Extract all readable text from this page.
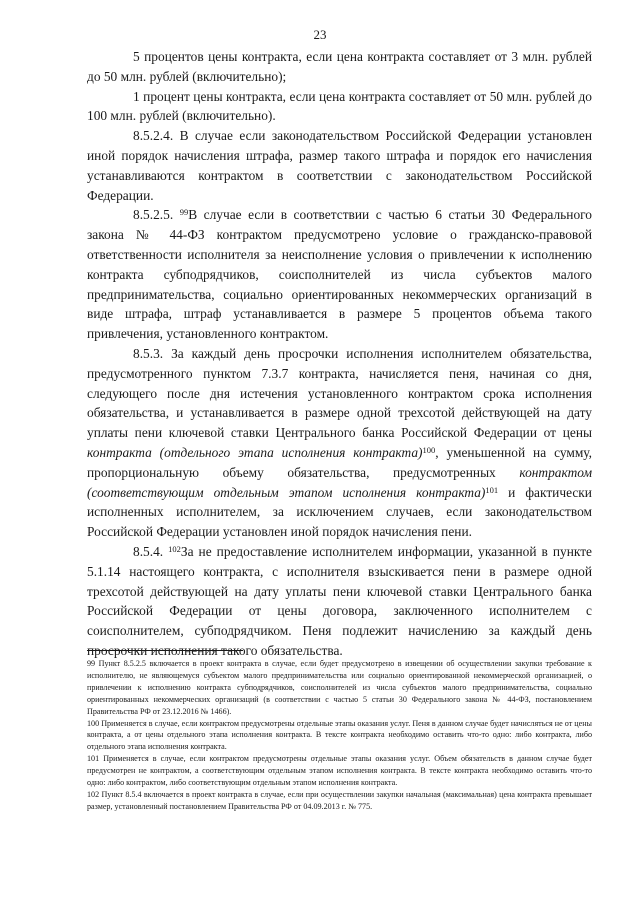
23

5 процентов цены контракта, если цена контракта составляет от 3 млн. рублей до 50 млн. рублей (включительно);

1 процент цены контракта, если цена контракта составляет от 50 млн. рублей до 100 млн. рублей (включительно).

8.5.2.4. В случае если законодательством Российской Федерации установлен иной порядок начисления штрафа, размер такого штрафа и порядок его начисления устанавливаются контрактом в соответствии с законодательством Российской Федерации.

8.5.2.5. $^{99}$В случае если в соответствии с частью 6 статьи 30 Федерального закона № 44-ФЗ контрактом предусмотрено условие о гражданско-правовой ответственности исполнителя за неисполнение условия о привлечении к исполнению контракта субподрядчиков, соисполнителей из числа субъектов малого предпринимательства, социально ориентированных некоммерческих организаций в виде штрафа, штраф устанавливается в размере 5 процентов объема такого привлечения, установленного контрактом.

8.5.3. За каждый день просрочки исполнения исполнителем обязательства, предусмотренного пунктом 7.3.7 контракта, начисляется пеня, начиная со дня, следующего после дня истечения установленного контрактом срока исполнения обязательства, и устанавливается в размере одной трехсотой действующей на дату уплаты пени ключевой ставки Центрального банка Российской Федерации от цены контракта (отдельного этапа исполнения контракта)$^{100}$, уменьшенной на сумму, пропорциональную объему обязательства, предусмотренных контрактом (соответствующим отдельным этапом исполнения контракта)$^{101}$ и фактически исполненных исполнителем, за исключением случаев, если законодательством Российской Федерации установлен иной порядок начисления пени.

8.5.4. $^{102}$За не предоставление исполнителем информации, указанной в пункте 5.1.14 настоящего контракта, с исполнителя взыскивается пени в размере одной трехсотой действующей на дату уплаты пени ключевой ставки Центрального банка Российской Федерации от цены договора, заключенного исполнителем с соисполнителем, субподрядчиком. Пеня подлежит начислению за каждый день просрочки исполнения такого обязательства.

99 Пункт 8.5.2.5 включается в проект контракта в случае, если будет предусмотрено в извещении об осуществлении закупки требование к исполнителю, не являющемуся субъектом малого предпринимательства или социально ориентированной некоммерческой организацией, о привлечении к исполнению контракта субподрядчиков, соисполнителей из числа субъектов малого предпринимательства, социально ориентированных некоммерческих организаций (в соответствии с частью 5 статьи 30 Федерального закона № 44-ФЗ, постановлением Правительства РФ от 23.12.2016 № 1466).

100 Применяется в случае, если контрактом предусмотрены отдельные этапы оказания услуг. Пеня в данном случае будет начисляться не от цены контракта, а от цены отдельного этапа исполнения контракта. В тексте контракта необходимо оставить что-то одно: либо контракта, либо отдельного этапа исполнения контракта.

101 Применяется в случае, если контрактом предусмотрены отдельные этапы оказания услуг. Объем обязательств в данном случае будет предусмотрен не контрактом, а соответствующим отдельным этапом исполнения контракта. В тексте контракта необходимо оставить что-то одно: либо контрактом, либо соответствующим отдельным этапом исполнения контракта.

102 Пункт 8.5.4 включается в проект контракта в случае, если при осуществлении закупки начальная (максимальная) цена контракта превышает размер, установленный постановлением Правительства РФ от 04.09.2013 г. № 775.
